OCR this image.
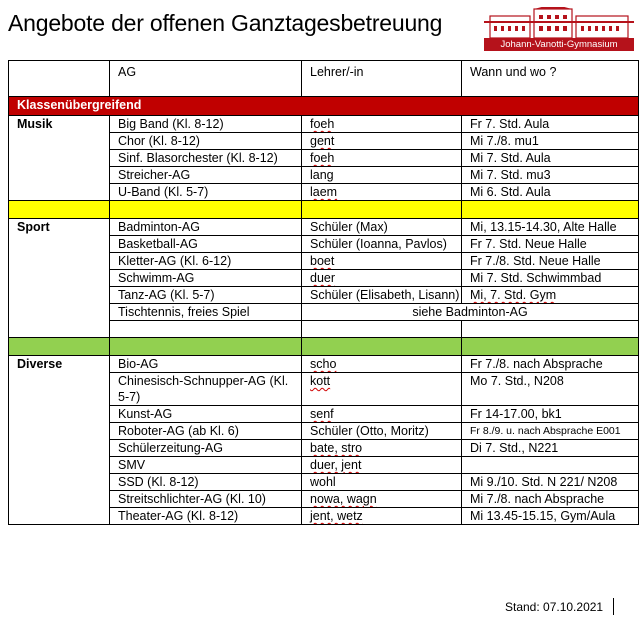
Angebote der offenen Ganztagesbetreuung
Johann-Vanotti-Gymnasium
	AG	Lehrer/-in	Wann und wo ?
Klassenübergreifend			
Musik	Big Band (Kl. 8-12)	foeh	Fr 7. Std. Aula
	Chor (Kl. 8-12)	gent	Mi 7./8. mu1
	Sinf. Blasorchester (Kl. 8-12)	foeh	Mi 7. Std. Aula
	Streicher-AG	lang	Mi 7. Std. mu3
	U-Band (Kl. 5-7)	laem	Mi 6. Std. Aula

Sport	Badminton-AG	Schüler (Max)	Mi, 13.15-14.30, Alte Halle
	Basketball-AG	Schüler (Ioanna, Pavlos)	Fr 7. Std. Neue Halle
	Kletter-AG (Kl. 6-12)	boet	Fr 7./8. Std. Neue Halle
	Schwimm-AG	duer	Mi 7. Std. Schwimmbad
	Tanz-AG (Kl. 5-7)	Schüler (Elisabeth, Lisann)	Mi, 7. Std. Gym
	Tischtennis, freies Spiel	siehe Badminton-AG	

Diverse	Bio-AG	scho	Fr 7./8. nach Absprache
	Chinesisch-Schnupper-AG (Kl. 5-7)	kott	Mo 7. Std., N208
	Kunst-AG	senf	Fr 14-17.00, bk1
	Roboter-AG (ab Kl. 6)	Schüler (Otto, Moritz)	Fr 8./9. u. nach Absprache E001
	Schülerzeitung-AG	bate, stro	Di 7. Std., N221
	SMV	duer, jent	
	SSD (Kl. 8-12)	wohl	Mi 9./10. Std. N 221/ N208
	Streitschlichter-AG (Kl. 10)	nowa, wagn	Mi 7./8. nach Absprache
	Theater-AG (Kl. 8-12)	jent, wetz	Mi 13.45-15.15, Gym/Aula
Stand: 07.10.2021
